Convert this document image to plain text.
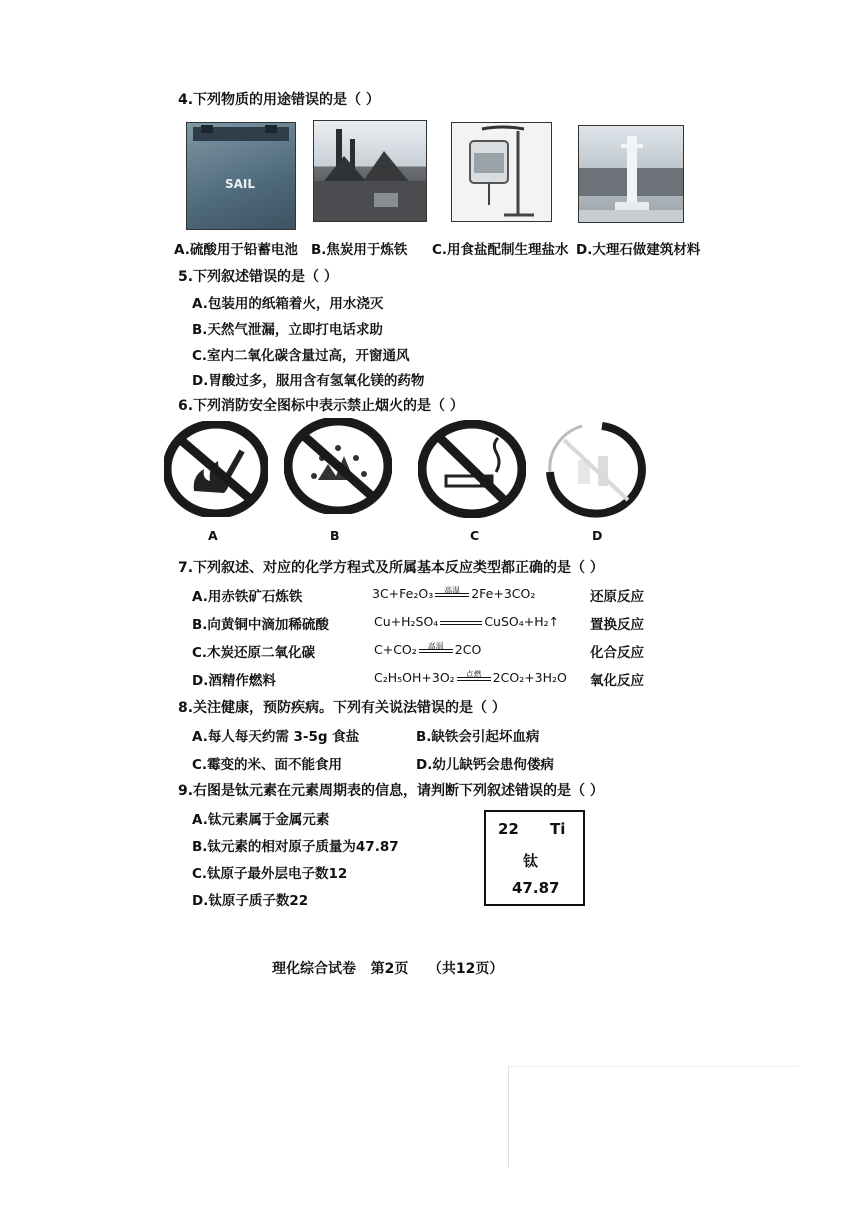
4.下列物质的用途错误的是（ ）
SAIL
A.硫酸用于铅蓄电池 B.焦炭用于炼铁 C.用食盐配制生理盐水 D.大理石做建筑材料
5.下列叙述错误的是（ ）
A.包装用的纸箱着火，用水浇灭
B.天然气泄漏，立即打电话求助
C.室内二氧化碳含量过高，开窗通风
D.胃酸过多，服用含有氢氧化镁的药物
6.下列消防安全图标中表示禁止烟火的是（ ）
A	B	C	D
7.下列叙述、对应的化学方程式及所属基本反应类型都正确的是（ ）
A.用赤铁矿石炼铁	3C+Fe₂O₃	高温 2Fe+3CO₂	还原反应
B.向黄铜中滴加稀硫酸	Cu+H₂SO₄	CuSO₄+H₂↑ 置换反应
C.木炭还原二氧化碳	C+CO₂	高温 2CO	化合反应
D.酒精作燃料	C₂H₅OH+3O₂	点燃 2CO₂+3H₂O 氧化反应
8.关注健康，预防疾病。下列有关说法错误的是（ ）
A.每人每天约需 3-5g 食盐	B.缺铁会引起坏血病
C.霉变的米、面不能食用	D.幼儿缺钙会患佝偻病
9.右图是钛元素在元素周期表的信息，请判断下列叙述错误的是（ ）
A.钛元素属于金属元素
B.钛元素的相对原子质量为47.87
C.钛原子最外层电子数12
D.钛原子质子数22
22 Ti
钛
47.87
理化综合试卷   第2页    （共12页）
